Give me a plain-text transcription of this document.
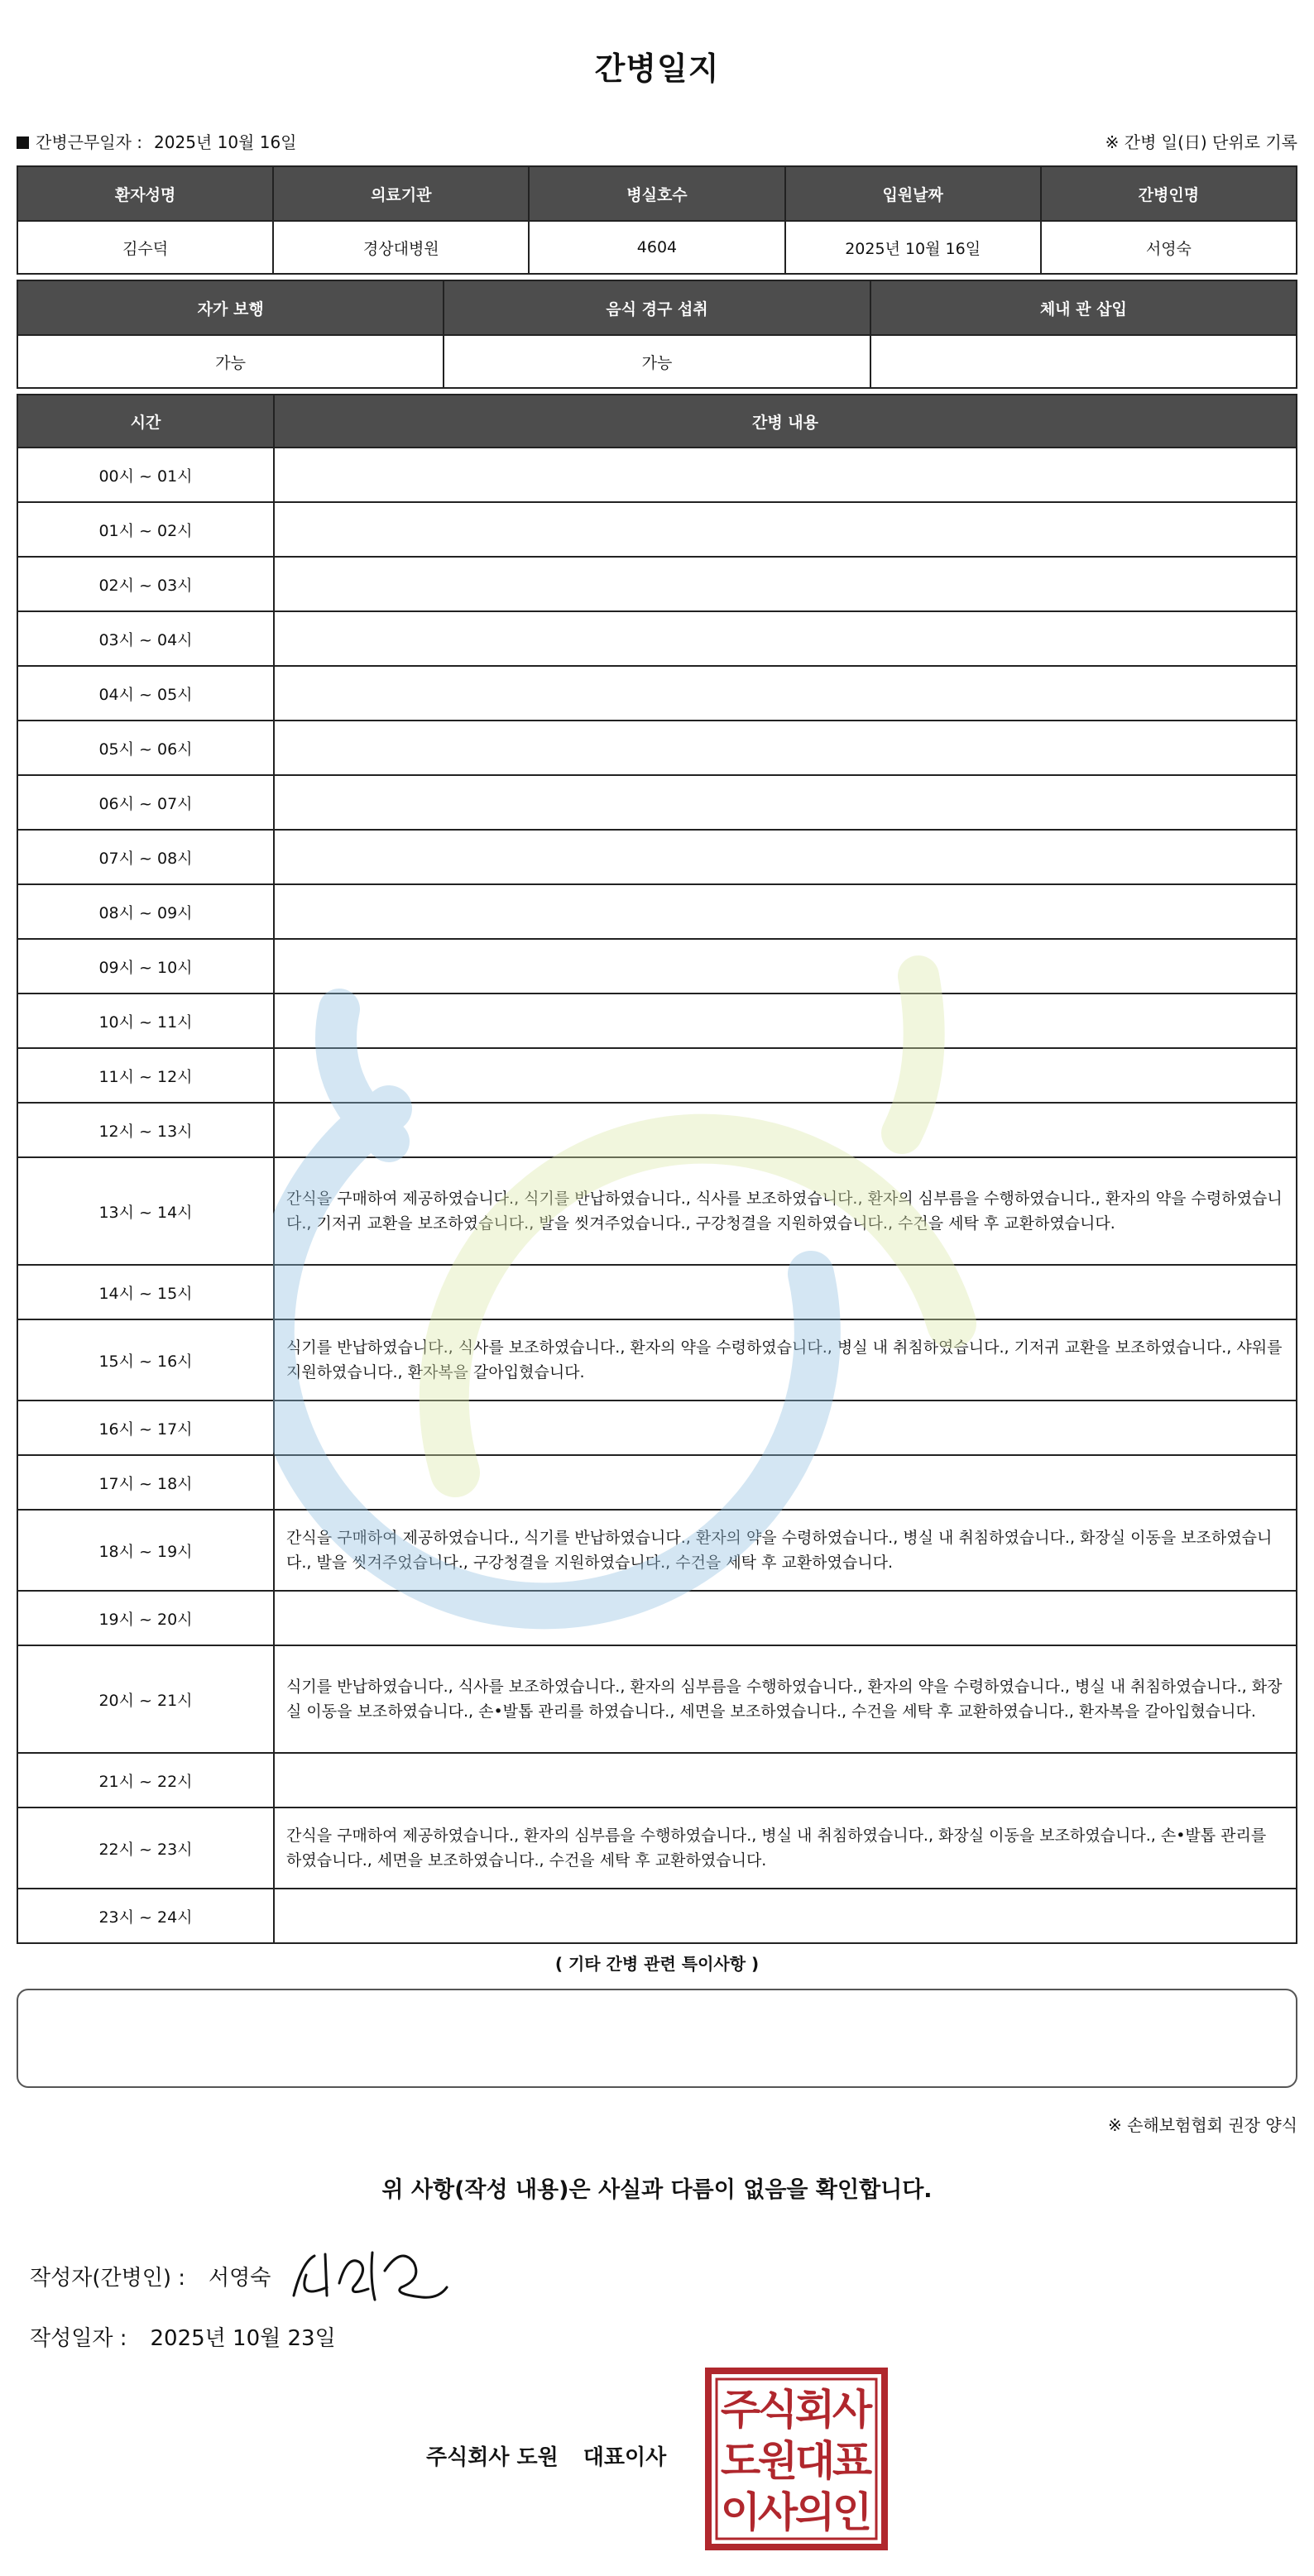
간병일지
간병근무일자 : 2025년 10월 16일	※ 간병 일(日) 단위로 기록
환자성명	의료기관	병실호수	입원날짜	간병인명
김수덕	경상대병원	4604	2025년 10월 16일	서영숙
자가 보행	음식 경구 섭취	체내 관 삽입
가능	가능	
시간	간병 내용
00시 ~ 01시	
01시 ~ 02시	
02시 ~ 03시	
03시 ~ 04시	
04시 ~ 05시	
05시 ~ 06시	
06시 ~ 07시	
07시 ~ 08시	
08시 ~ 09시	
09시 ~ 10시	
10시 ~ 11시	
11시 ~ 12시	
12시 ~ 13시	
13시 ~ 14시	간식을 구매하여 제공하였습니다., 식기를 반납하였습니다., 식사를 보조하였습니다., 환자의 심부름을 수행하였습니다., 환자의 약을 수령하였습니다., 기저귀 교환을 보조하였습니다., 발을 씻겨주었습니다., 구강청결을 지원하였습니다., 수건을 세탁 후 교환하였습니다.
14시 ~ 15시	
15시 ~ 16시	식기를 반납하였습니다., 식사를 보조하였습니다., 환자의 약을 수령하였습니다., 병실 내 취침하였습니다., 기저귀 교환을 보조하였습니다., 샤워를 지원하였습니다., 환자복을 갈아입혔습니다.
16시 ~ 17시	
17시 ~ 18시	
18시 ~ 19시	간식을 구매하여 제공하였습니다., 식기를 반납하였습니다., 환자의 약을 수령하였습니다., 병실 내 취침하였습니다., 화장실 이동을 보조하였습니다., 발을 씻겨주었습니다., 구강청결을 지원하였습니다., 수건을 세탁 후 교환하였습니다.
19시 ~ 20시	
20시 ~ 21시	식기를 반납하였습니다., 식사를 보조하였습니다., 환자의 심부름을 수행하였습니다., 환자의 약을 수령하였습니다., 병실 내 취침하였습니다., 화장실 이동을 보조하였습니다., 손•발톱 관리를 하였습니다., 세면을 보조하였습니다., 수건을 세탁 후 교환하였습니다., 환자복을 갈아입혔습니다.
21시 ~ 22시	
22시 ~ 23시	간식을 구매하여 제공하였습니다., 환자의 심부름을 수행하였습니다., 병실 내 취침하였습니다., 화장실 이동을 보조하였습니다., 손•발톱 관리를 하였습니다., 세면을 보조하였습니다., 수건을 세탁 후 교환하였습니다.
23시 ~ 24시	
( 기타 간병 관련 특이사항 )
※ 손해보험협회 권장 양식
위 사항(작성 내용)은 사실과 다름이 없음을 확인합니다.
작성자(간병인) : 서영숙
작성일자 : 2025년 10월 23일
주식회사 도원 대표이사
주
식
회
사
도
원
대
표
이
사
의
인
